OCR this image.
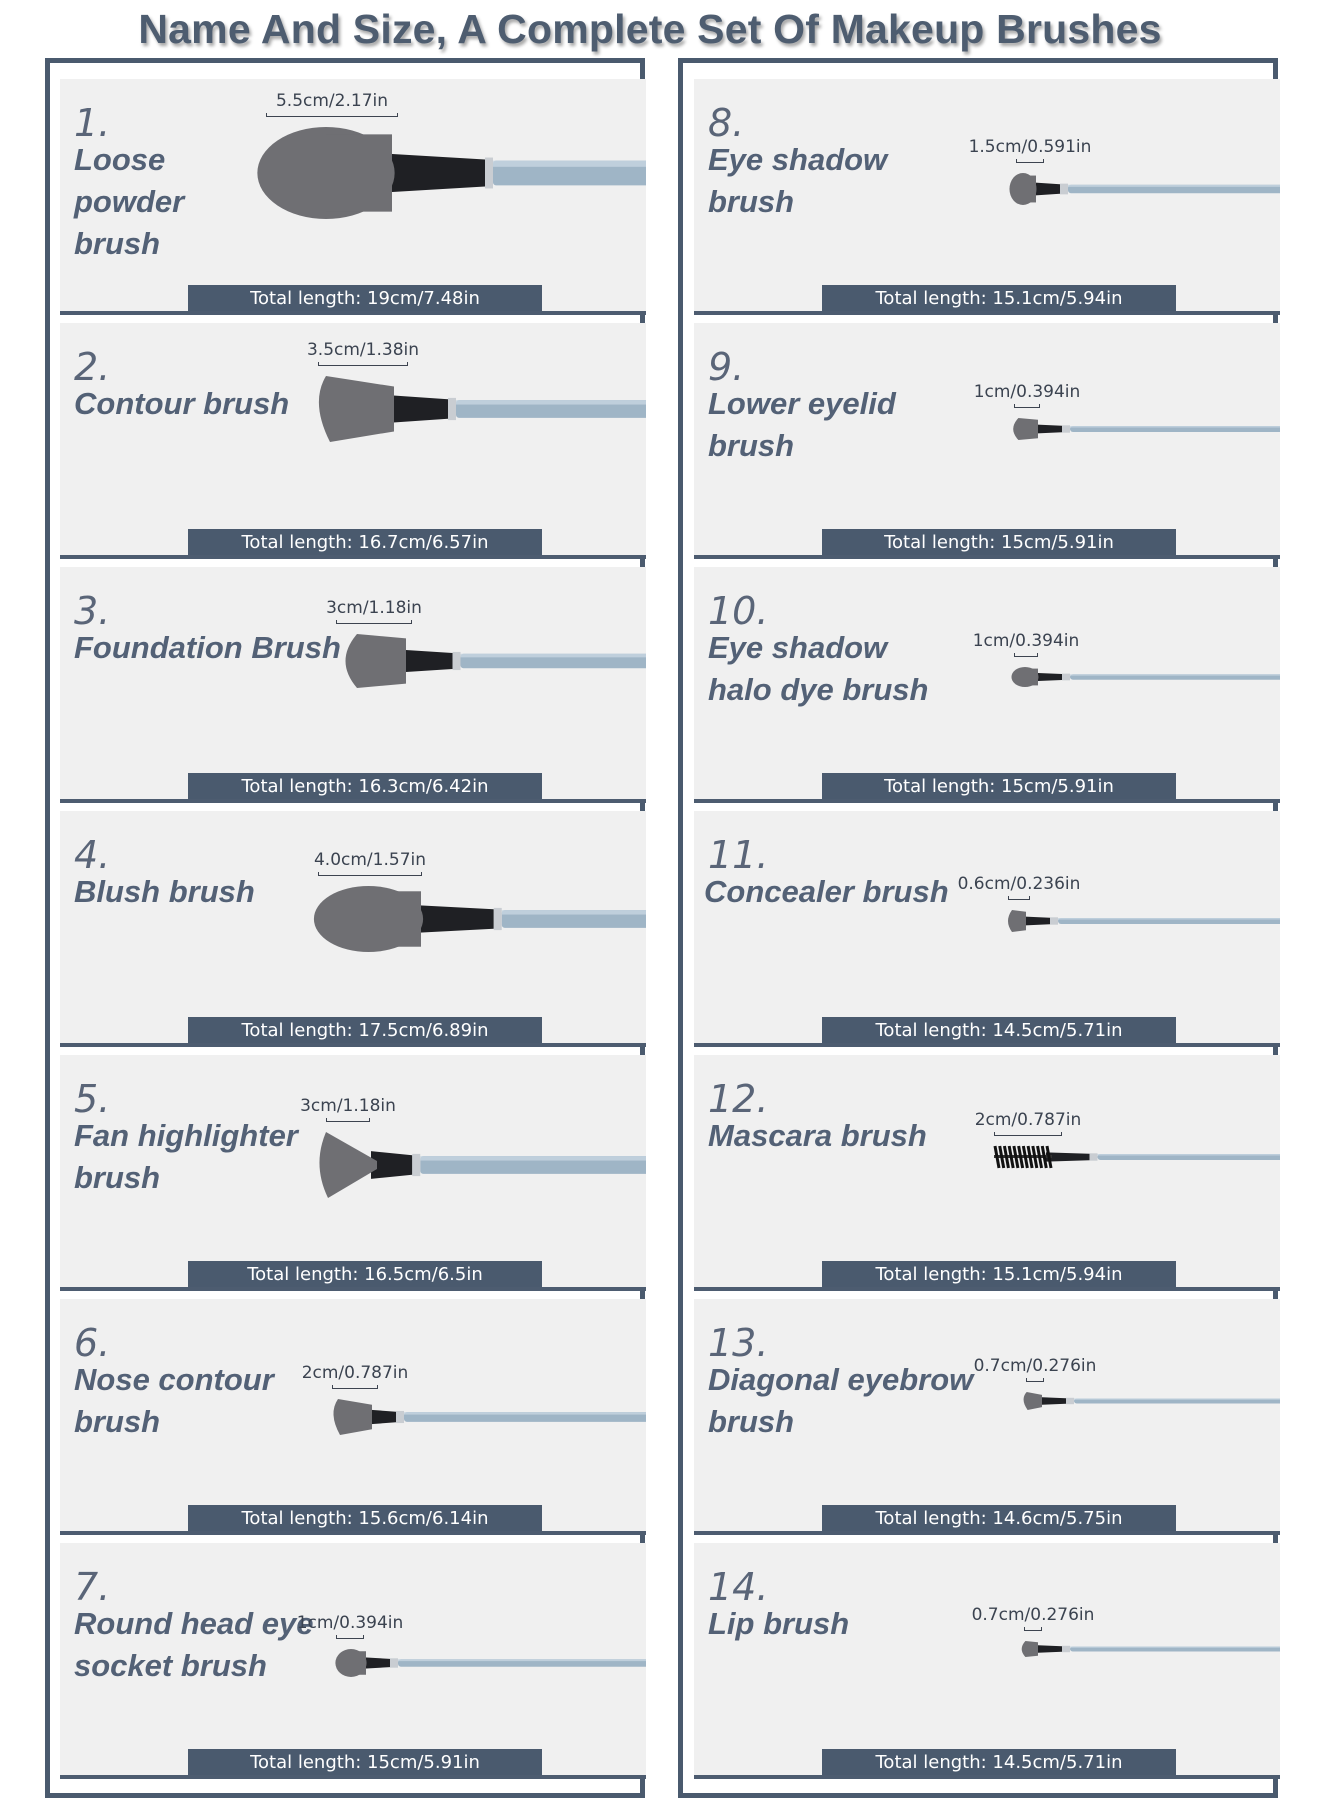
Name And Size, A Complete Set Of Makeup Brushes
1.
Loose
powder
brush
5.5cm/2.17in
Total length: 19cm/7.48in
2.
Contour brush
3.5cm/1.38in
Total length: 16.7cm/6.57in
3.
Foundation Brush
3cm/1.18in
Total length: 16.3cm/6.42in
4.
Blush brush
4.0cm/1.57in
Total length: 17.5cm/6.89in
5.
Fan highlighter
brush
3cm/1.18in
Total length: 16.5cm/6.5in
6.
Nose contour
brush
2cm/0.787in
Total length: 15.6cm/6.14in
7.
Round head eye
socket brush
1cm/0.394in
Total length: 15cm/5.91in
8.
Eye shadow
brush
1.5cm/0.591in
Total length: 15.1cm/5.94in
9.
Lower eyelid
brush
1cm/0.394in
Total length: 15cm/5.91in
10.
Eye shadow
halo dye brush
1cm/0.394in
Total length: 15cm/5.91in
11.
Concealer brush 0.6cm/0.236in
Total length: 14.5cm/5.71in
12.
Mascara brush	2cm/0.787in
Total length: 15.1cm/5.94in
13.
Diagonal eyebrow
brush
0.7cm/0.276in
Total length: 14.6cm/5.75in
14.
Lip brush	0.7cm/0.276in
Total length: 14.5cm/5.71in
